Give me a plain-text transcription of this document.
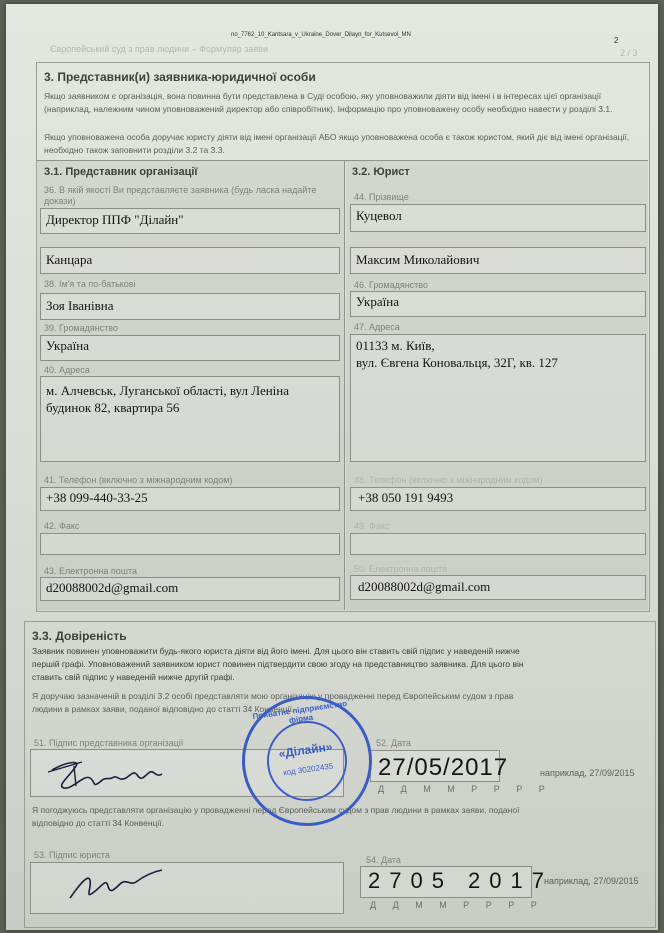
no_7762_10_Kantsara_v_Ukraine_Dover_Dilayn_for_Kutsevol_MN
2
Європейський суд з прав людини – Формуляр заяви	2 / 3
3. Представник(и) заявника-юридичної особи
Якщо заявником є організація, вона повинна бути представлена в Суді особою, яку уповноважили діяти від імені і в інтересах цієї організації (наприклад, належним чином уповноважений директор або співробітник). Інформацію про уповноважену особу необхідно навести у розділі 3.1.
Якщо уповноважена особа доручає юристу діяти від імені організації АБО якщо уповноважена особа є також юристом, який діє від імені організації, необхідно також заповнити розділи 3.2 та 3.3.
3.1. Представник організації
36. В якій якості Ви представляєте заявника (будь ласка надайте докази)
Директор ППФ "Ділайн"
Канцара
38. Ім'я та по-батькові
Зоя Іванівна
39. Громадянство
Україна
40. Адреса
м. Алчевськ, Луганської області, вул Леніна
будинок 82, квартира 56
41. Телефон (включно з міжнародним кодом)
+38 099-440-33-25
42. Факс
43. Електронна пошта
d20088002d@gmail.com
3.2. Юрист
44. Прізвище
Куцевол
Максим Миколайович
46. Громадянство
Україна
47. Адреса
01133 м. Київ,
вул. Євгена Коновальця, 32Г, кв. 127
48. Телефон (включно з міжнародним кодом)
+38 050 191 9493
49. Факс
50. Електронна пошта
d20088002d@gmail.com
3.3. Довіреність
Заявник повинен уповноважити будь-якого юриста діяти від його імені. Для цього він ставить свій підпис у наведеній нижче
першій графі. Уповноважений заявником юрист повинен підтвердити свою згоду на представництво заявника. Для цього він
ставить свій підпис у наведеній нижче другій графі.
Я доручаю зазначеній в розділі 3.2 особі представляти мою організацію у провадженні перед Європейським судом з прав
людини в рамках заяви, поданої відповідно до статті 34 Конвенції.
51. Підпис представника організації	52. Дата
27/05/2017
Д Д М М Р Р Р Р
наприклад, 27/09/2015
Я погоджуюсь представляти організацію у провадженні перед Європейським судом з прав людини в рамках заяви, поданої
відповідно до статті 34 Конвенції.
53. Підпис юриста	54. Дата
2705 2017
Д Д М М Р Р Р Р
наприклад, 27/09/2015
Приватне підприємство фірма
«Ділайн»
код 30202435
